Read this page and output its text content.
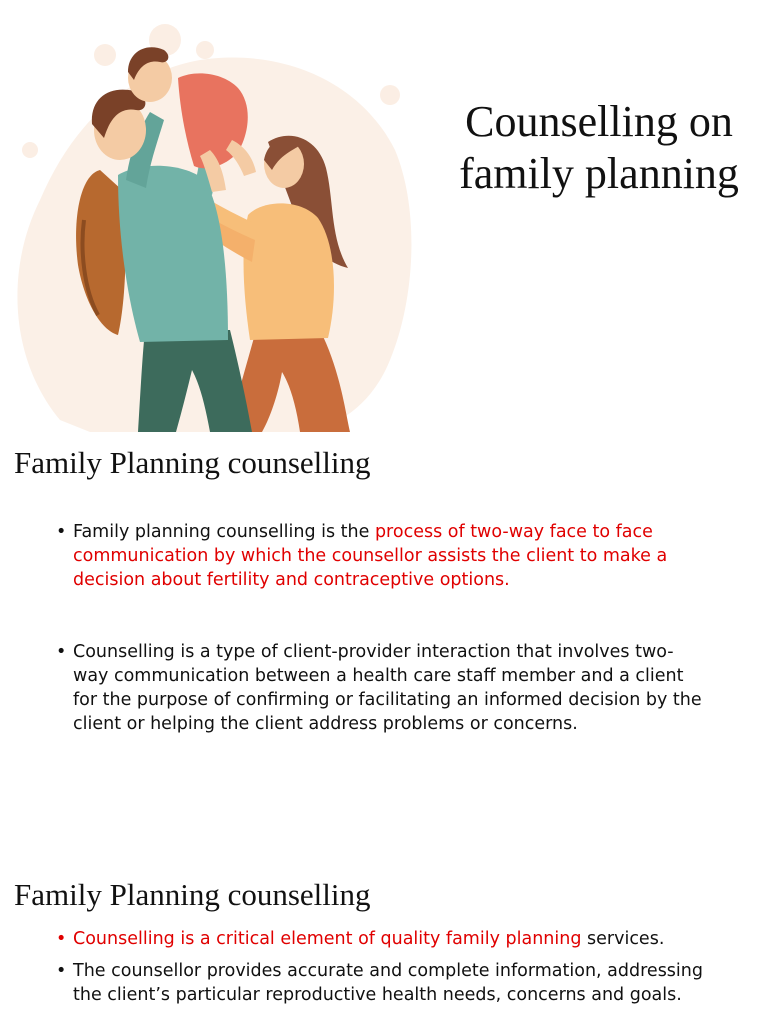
Counselling on
family planning
Family Planning counselling
• Family planning counselling is the process of two-way face to face communication by which the counsellor assists the client to make a decision about fertility and contraceptive options.
• Counselling is a type of client-provider interaction that involves two-way communication between a health care staff member and a client for the purpose of confirming or facilitating an informed decision by the client or helping the client address problems or concerns.
Family Planning counselling
• Counselling is a critical element of quality family planning services.
• The counsellor provides accurate and complete information, addressing the client’s particular reproductive health needs, concerns and goals.
